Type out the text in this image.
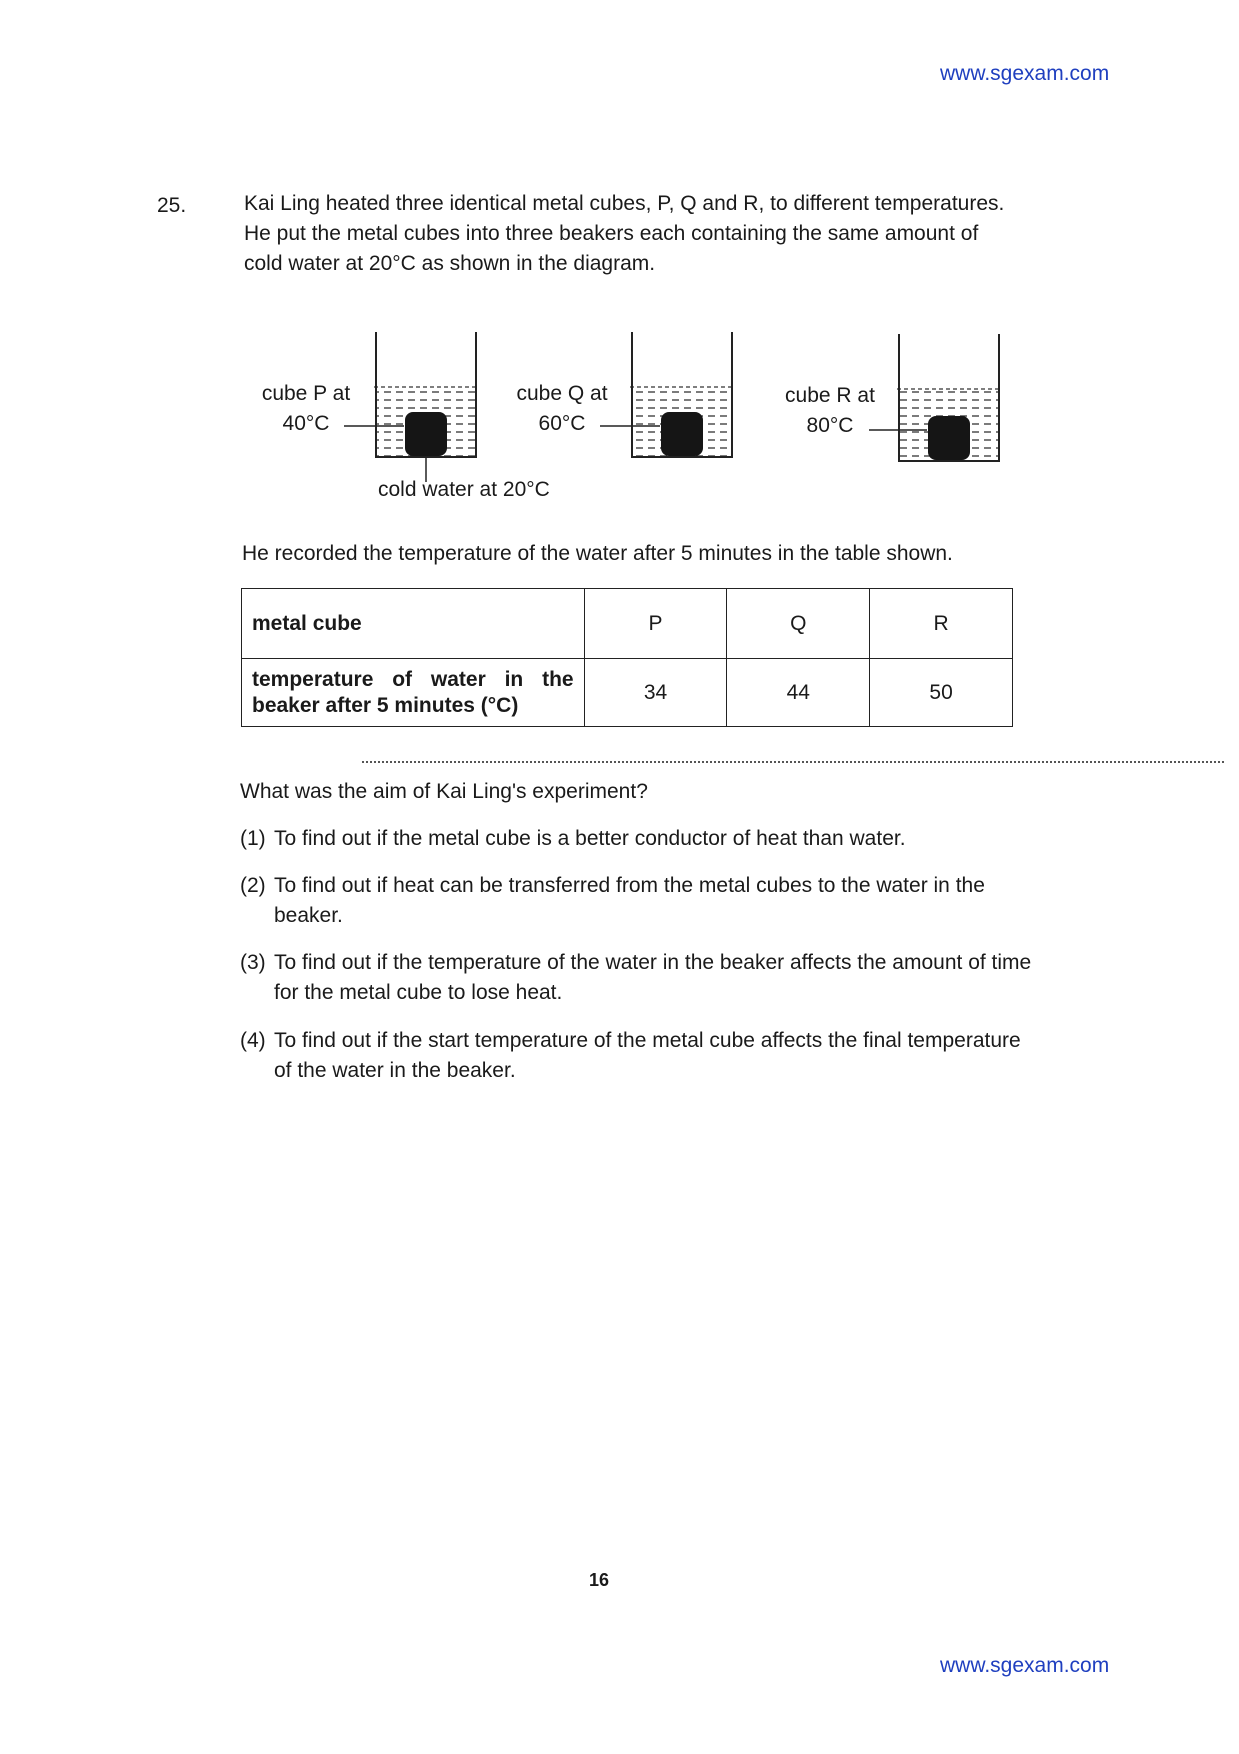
www.sgexam.com
25.	Kai Ling heated three identical metal cubes, P, Q and R, to different temperatures.
He put the metal cubes into three beakers each containing the same amount of
cold water at 20°C as shown in the diagram.
cube P at
40°C
cube Q at
60°C
cube R at
80°C
cold water at 20°C
He recorded the temperature of the water after 5 minutes in the table shown.
metal cube	P	Q	R

temperature of water in the
beaker after 5 minutes (°C)	34	44	50
What was the aim of Kai Ling's experiment?
(1) To find out if the metal cube is a better conductor of heat than water.
(2) To find out if heat can be transferred from the metal cubes to the water in the beaker.
(3) To find out if the temperature of the water in the beaker affects the amount of time for the metal cube to lose heat.
(4) To find out if the start temperature of the metal cube affects the final temperature of the water in the beaker.
16
www.sgexam.com
